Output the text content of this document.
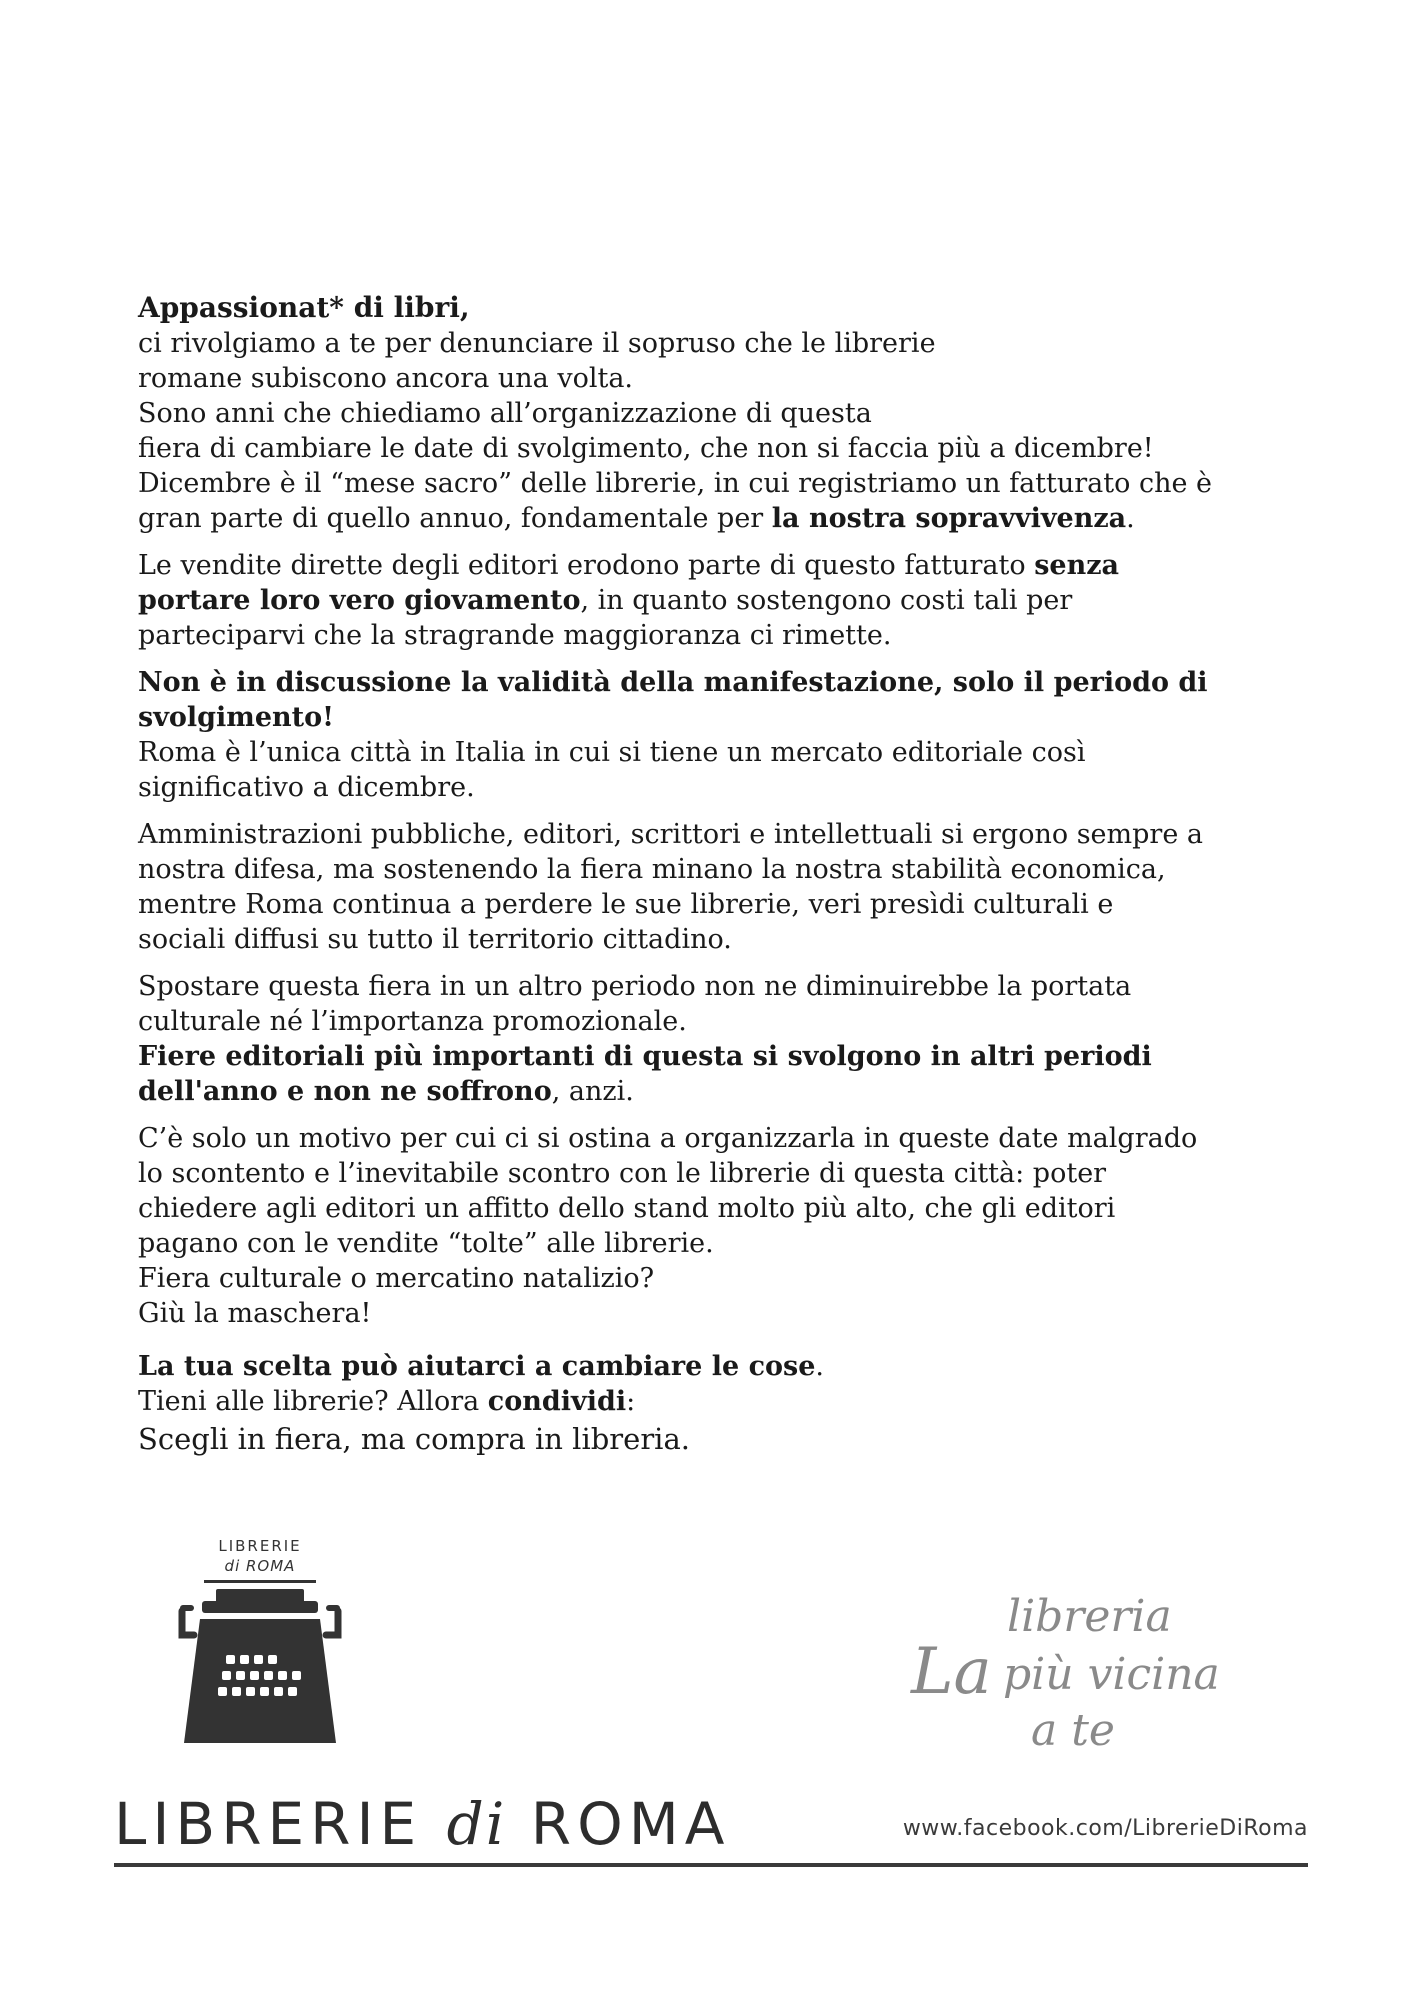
Appassionat* di libri,

ci rivolgiamo a te per denunciare il sopruso che le librerie
romane subiscono ancora una volta.
Sono anni che chiediamo all’organizzazione di questa
fiera di cambiare le date di svolgimento, che non si faccia più a dicembre!
Dicembre è il “mese sacro” delle librerie, in cui registriamo un fatturato che è
gran parte di quello annuo, fondamentale per la nostra sopravvivenza.

Le vendite dirette degli editori erodono parte di questo fatturato senza
portare loro vero giovamento, in quanto sostengono costi tali per
parteciparvi che la stragrande maggioranza ci rimette.

Non è in discussione la validità della manifestazione, solo il periodo di
svolgimento!
Roma è l’unica città in Italia in cui si tiene un mercato editoriale così
significativo a dicembre.

Amministrazioni pubbliche, editori, scrittori e intellettuali si ergono sempre a
nostra difesa, ma sostenendo la fiera minano la nostra stabilità economica,
mentre Roma continua a perdere le sue librerie, veri presìdi culturali e
sociali diffusi su tutto il territorio cittadino.

Spostare questa fiera in un altro periodo non ne diminuirebbe la portata
culturale né l’importanza promozionale.
Fiere editoriali più importanti di questa si svolgono in altri periodi
dell'anno e non ne soffrono, anzi.

C’è solo un motivo per cui ci si ostina a organizzarla in queste date malgrado
lo scontento e l’inevitabile scontro con le librerie di questa città: poter
chiedere agli editori un affitto dello stand molto più alto, che gli editori
pagano con le vendite “tolte” alle librerie.
Fiera culturale o mercatino natalizio?
Giù la maschera!

La tua scelta può aiutarci a cambiare le cose.
Tieni alle librerie? Allora condividi:

Scegli in fiera, ma compra in libreria.

LIBRERIE
di ROMA
LIBRERIE di ROMA
La
libreria
più vicina
a te
www.facebook.com/LibrerieDiRoma
